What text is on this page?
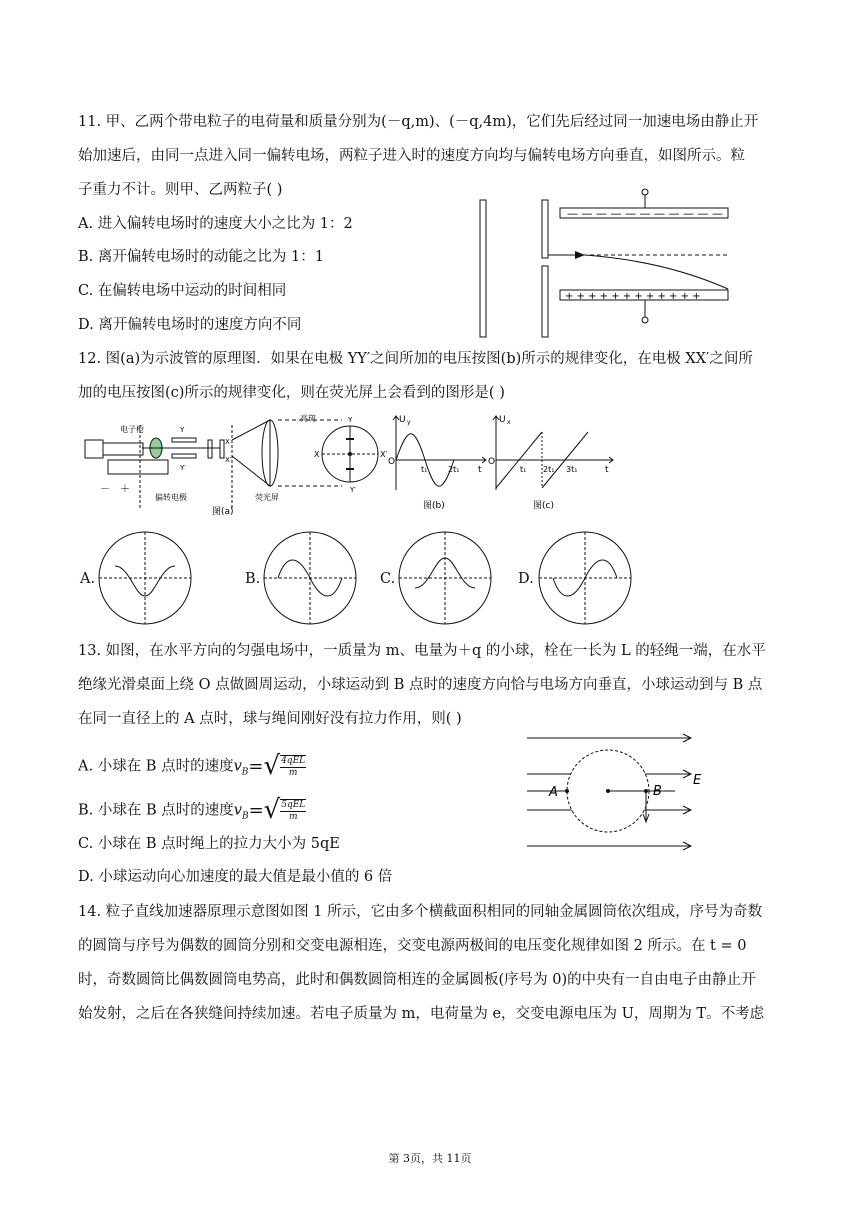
11. 甲、乙两个带电粒子的电荷量和质量分别为(－q,m)、(－q,4m)，它们先后经过同一加速电场由静止开
始加速后，由同一点进入同一偏转电场，两粒子进入时的速度方向均与偏转电场方向垂直，如图所示。粒
子重力不计。则甲、乙两粒子( )
A. 进入偏转电场时的速度大小之比为 1：2
B. 离开偏转电场时的动能之比为 1：1
C. 在偏转电场中运动的时间相同
D. 离开偏转电场时的速度方向不同
— — — — — — — — — — —
+ + + + + + + + + + + +
12. 图(a)为示波管的原理图．如果在电极 YY′之间所加的电压按图(b)所示的规律变化，在电极 XX′之间所
加的电压按图(c)所示的规律变化，则在荧光屏上会看到的图形是( )
电子枪
亮斑
Y
Y′
X
X′
－ ＋
偏转电极	荧光屏
图(a)
X	X′
Y
Y′
U y
O
t
t₁	2t₁
图(b)
U x
O
t
t₁ 2t₁ 3t₁
图(c)
A.	B.	C.	D.
13. 如图，在水平方向的匀强电场中，一质量为 m、电量为＋q 的小球，栓在一长为 L 的轻绳一端，在水平
绝缘光滑桌面上绕 O 点做圆周运动，小球运动到 B 点时的速度方向恰与电场方向垂直，小球运动到与 B 点
在同一直径上的 A 点时，球与绳间刚好没有拉力作用，则( )
A. 小球在 B 点时的速度$v_B=√ \frac{\text{4qEL}}{m}$
B. 小球在 B 点时的速度$v_B=√ \frac{\text{5qEL}}{m}$
C. 小球在 B 点时绳上的拉力大小为 5qE
D. 小球运动向心加速度的最大值是最小值的 6 倍
A	B
E
14. 粒子直线加速器原理示意图如图 1 所示，它由多个横截面积相同的同轴金属圆筒依次组成，序号为奇数
的圆筒与序号为偶数的圆筒分别和交变电源相连，交变电源两极间的电压变化规律如图 2 所示。在 t = 0
时，奇数圆筒比偶数圆筒电势高，此时和偶数圆筒相连的金属圆板(序号为 0)的中央有一自由电子由静止开
始发射，之后在各狭缝间持续加速。若电子质量为 m，电荷量为 e，交变电源电压为 U，周期为 T。不考虑
第 3页，共 11页
